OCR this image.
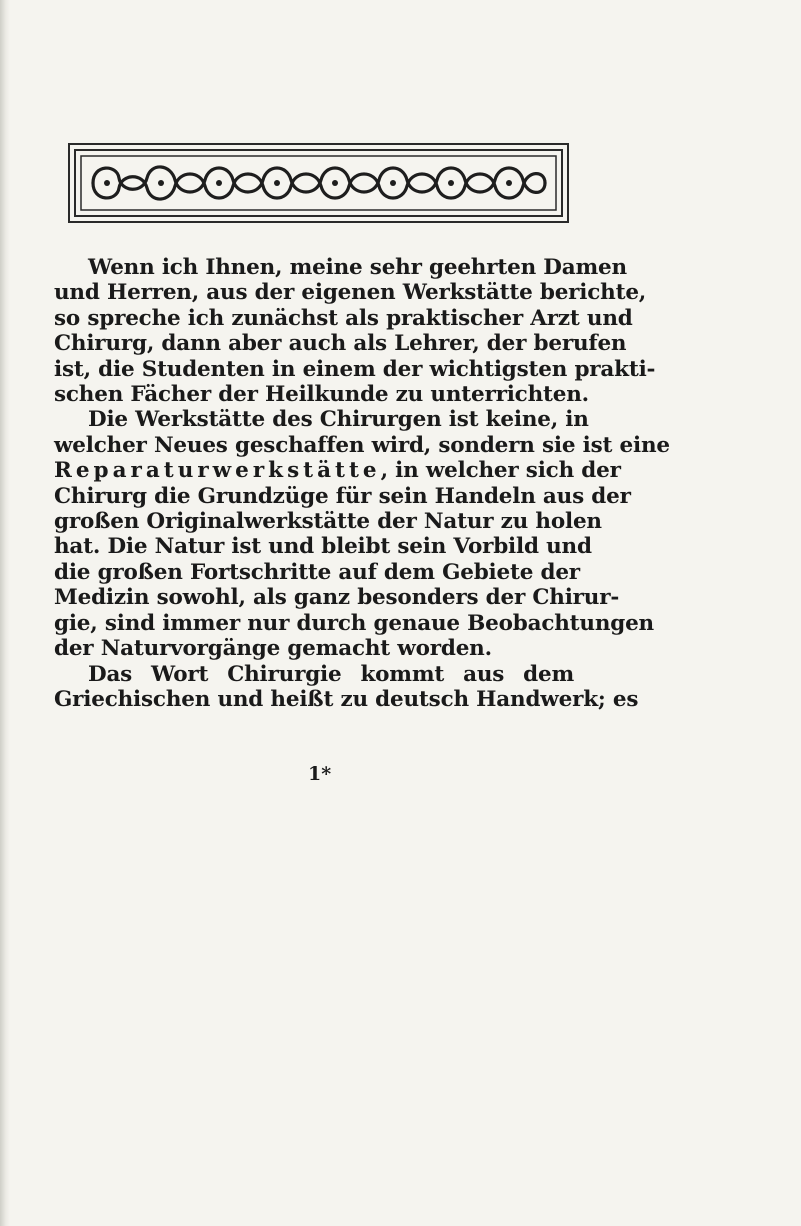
Wenn ich Ihnen, meine sehr geehrten Damen
und Herren, aus der eigenen Werkstätte berichte,
so spreche ich zunächst als praktischer Arzt und
Chirurg, dann aber auch als Lehrer, der berufen
ist, die Studenten in einem der wichtigsten prakti-
schen Fächer der Heilkunde zu unterrichten.

Die Werkstätte des Chirurgen ist keine, in
welcher Neues geschaffen wird, sondern sie ist eine
Reparaturwerkstätte, in welcher sich der
Chirurg die Grundzüge für sein Handeln aus der
großen Originalwerkstätte der Natur zu holen
hat. Die Natur ist und bleibt sein Vorbild und
die großen Fortschritte auf dem Gebiete der
Medizin sowohl, als ganz besonders der Chirur-
gie, sind immer nur durch genaue Beobachtungen
der Naturvorgänge gemacht worden.

Das Wort Chirurgie kommt aus dem
Griechischen und heißt zu deutsch Handwerk; es

1*
